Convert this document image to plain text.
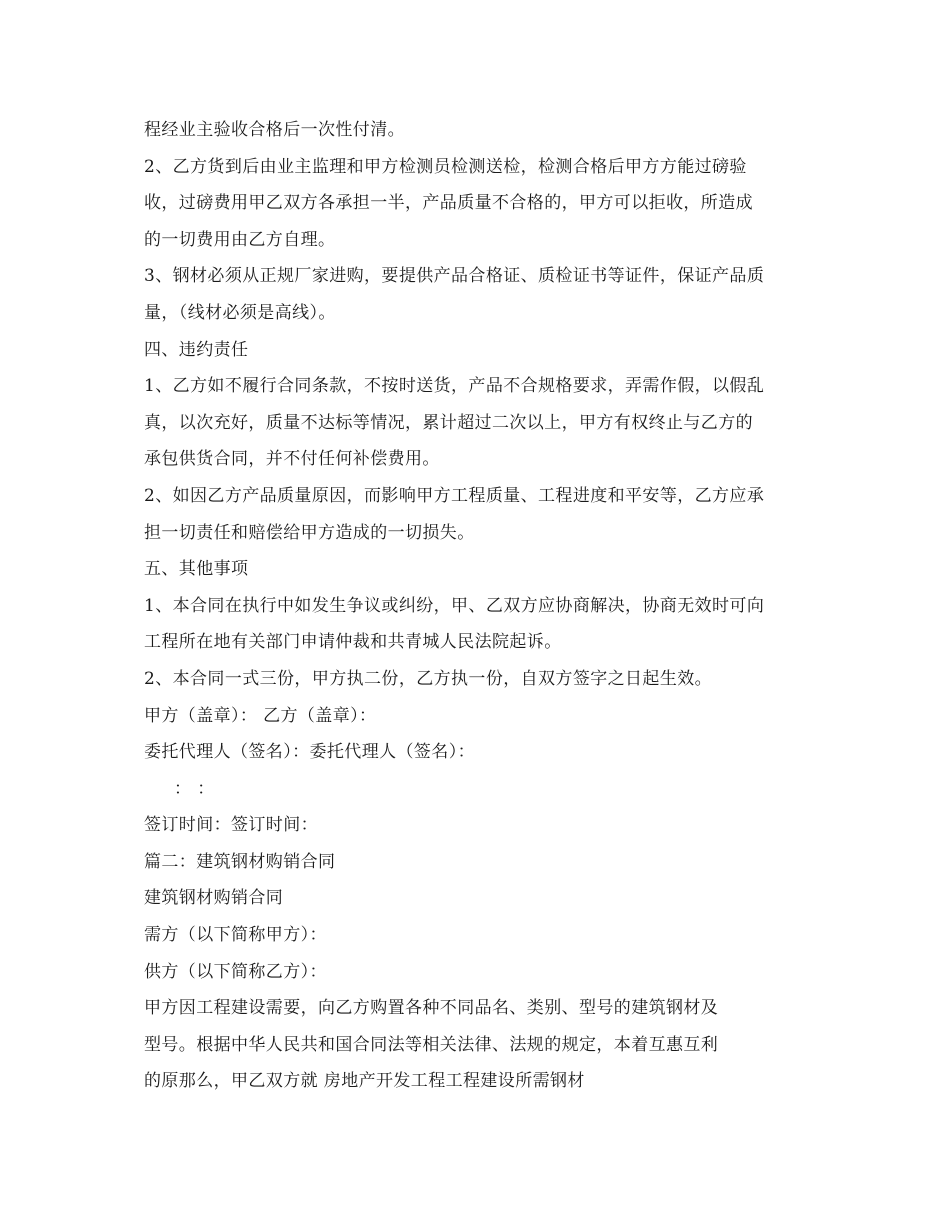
程经业主验收合格后一次性付清。
2、乙方货到后由业主监理和甲方检测员检测送检，检测合格后甲方方能过磅验
收，过磅费用甲乙双方各承担一半，产品质量不合格的，甲方可以拒收，所造成
的一切费用由乙方自理。
3、钢材必须从正规厂家进购，要提供产品合格证、质检证书等证件，保证产品质
量，（线材必须是高线）。
四、违约责任
1、乙方如不履行合同条款，不按时送货，产品不合规格要求，弄需作假，以假乱
真，以次充好，质量不达标等情况，累计超过二次以上，甲方有权终止与乙方的
承包供货合同，并不付任何补偿费用。
2、如因乙方产品质量原因，而影响甲方工程质量、工程进度和平安等，乙方应承
担一切责任和赔偿给甲方造成的一切损失。
五、其他事项
1、本合同在执行中如发生争议或纠纷，甲、乙双方应协商解决，协商无效时可向
工程所在地有关部门申请仲裁和共青城人民法院起诉。
2、本合同一式三份，甲方执二份，乙方执一份，自双方签字之日起生效。
甲方（盖章）： 乙方（盖章）：
委托代理人（签名）：委托代理人（签名）：
： ：
签订时间：签订时间：
篇二：建筑钢材购销合同
建筑钢材购销合同
需方（以下简称甲方）：
供方（以下简称乙方）：
甲方因工程建设需要，向乙方购置各种不同品名、类别、型号的建筑钢材及
型号。根据中华人民共和国合同法等相关法律、法规的规定，本着互惠互利
的原那么，甲乙双方就 房地产开发工程工程建设所需钢材
